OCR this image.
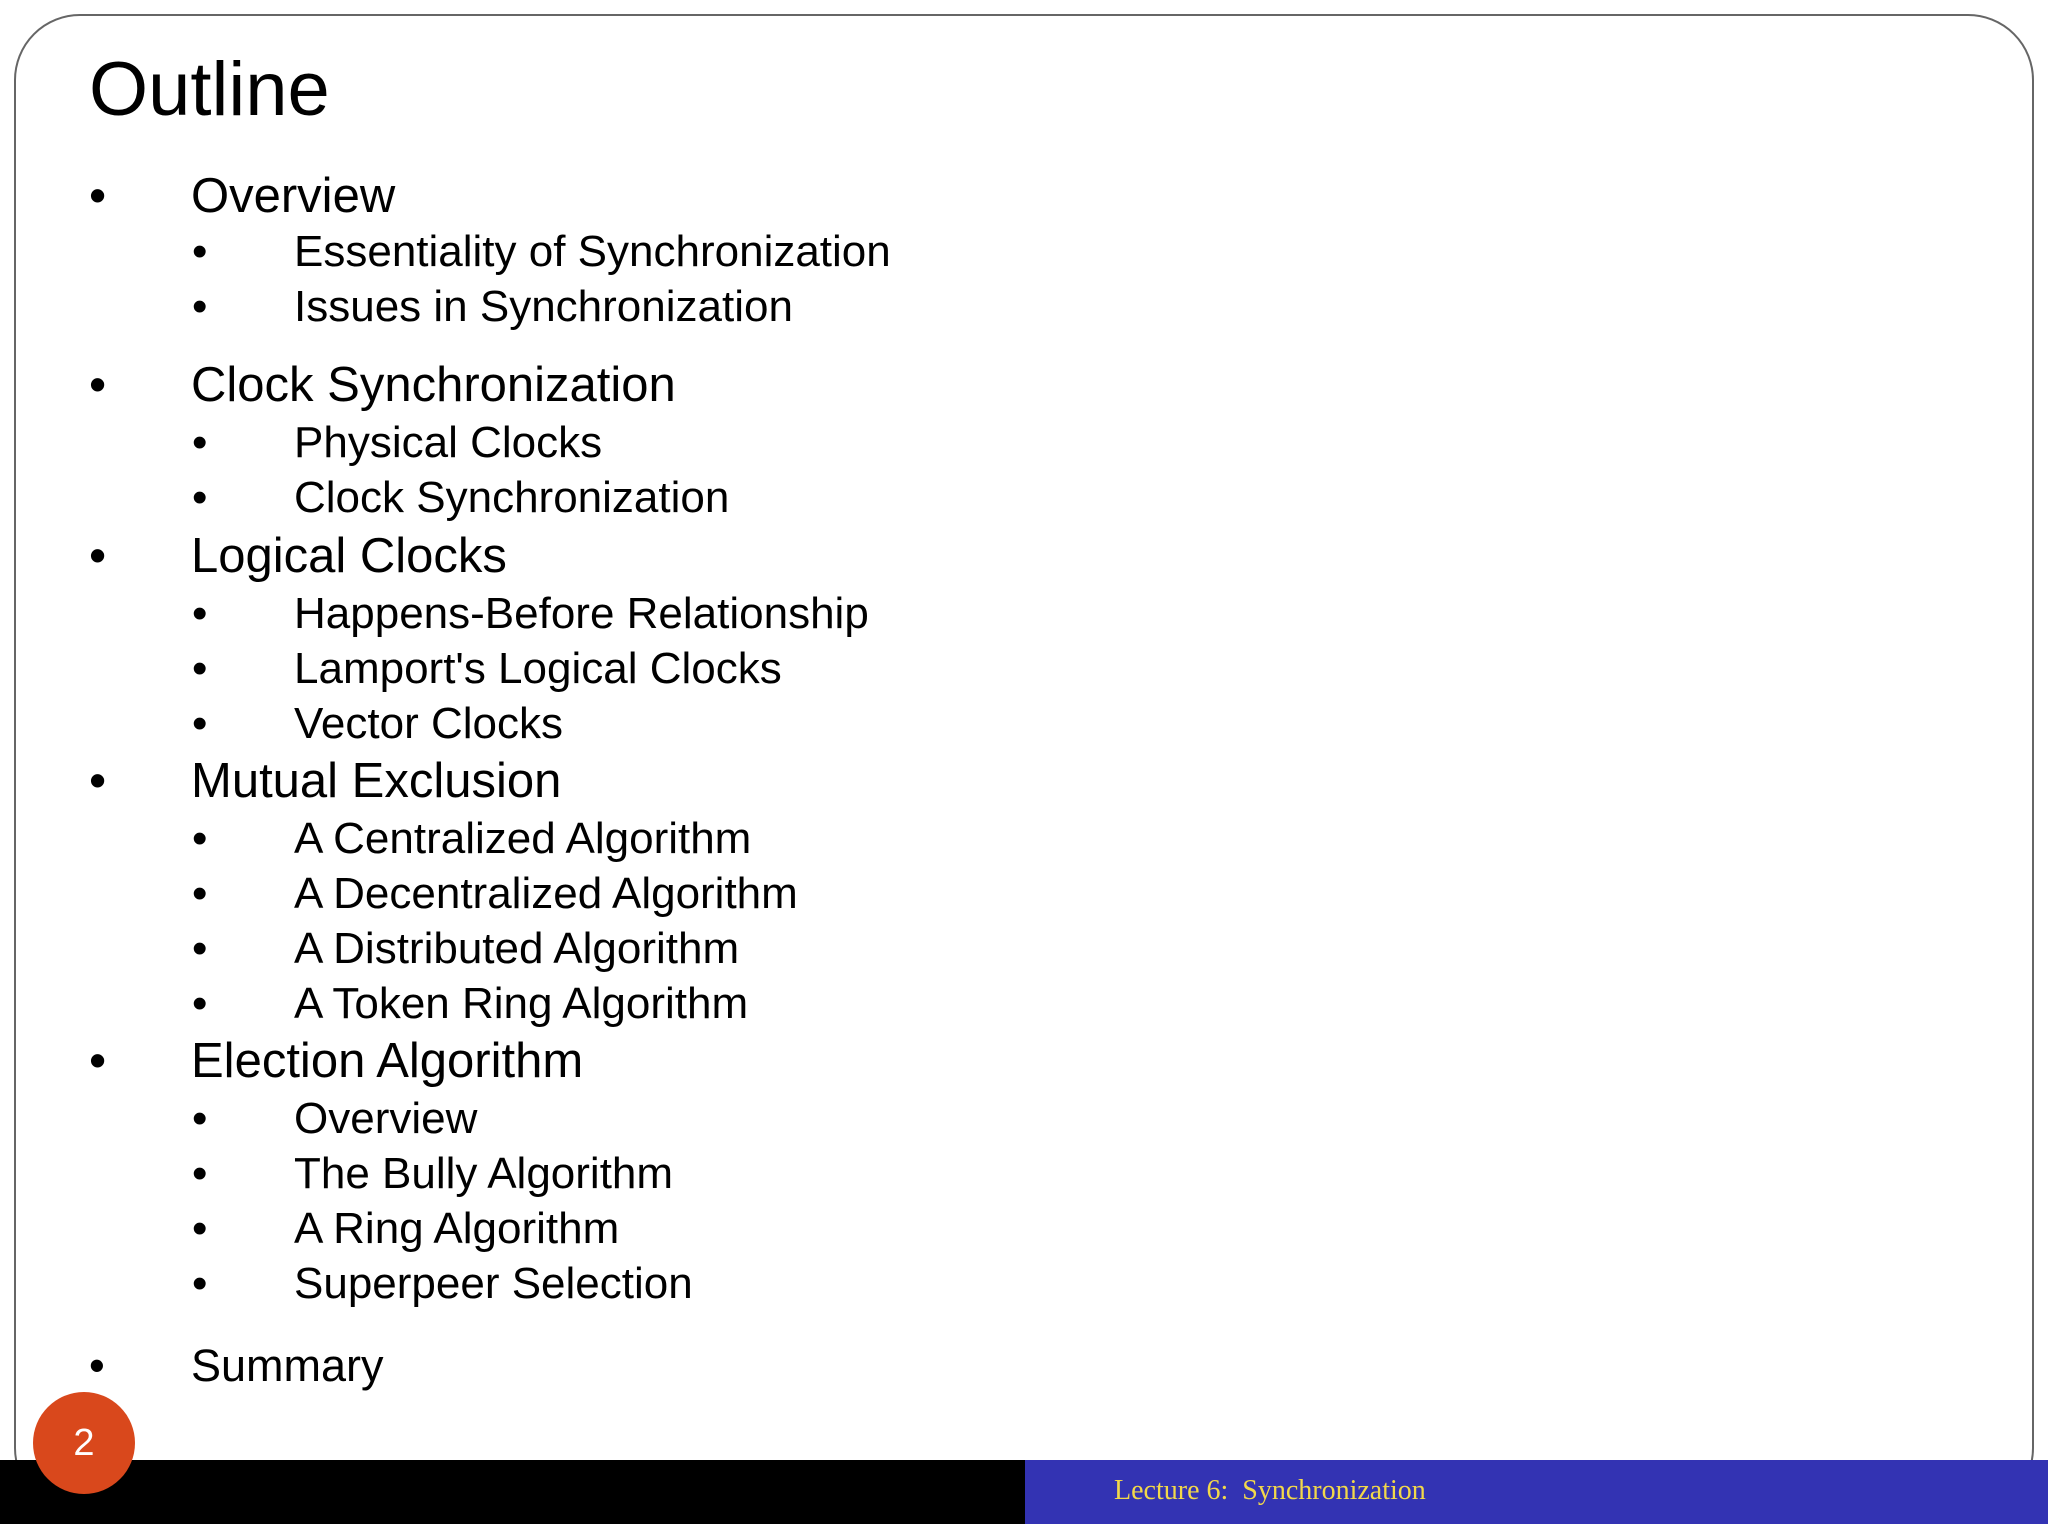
Outline
• Overview
• Essentiality of Synchronization
• Issues in Synchronization
• Clock Synchronization
• Physical Clocks
• Clock Synchronization
• Logical Clocks
• Happens-Before Relationship
• Lamport's Logical Clocks
• Vector Clocks
• Mutual Exclusion
• A Centralized Algorithm
• A Decentralized Algorithm
• A Distributed Algorithm
• A Token Ring Algorithm
• Election Algorithm
• Overview
• The Bully Algorithm
• A Ring Algorithm
• Superpeer Selection
• Summary
Lecture 6:  Synchronization
2
